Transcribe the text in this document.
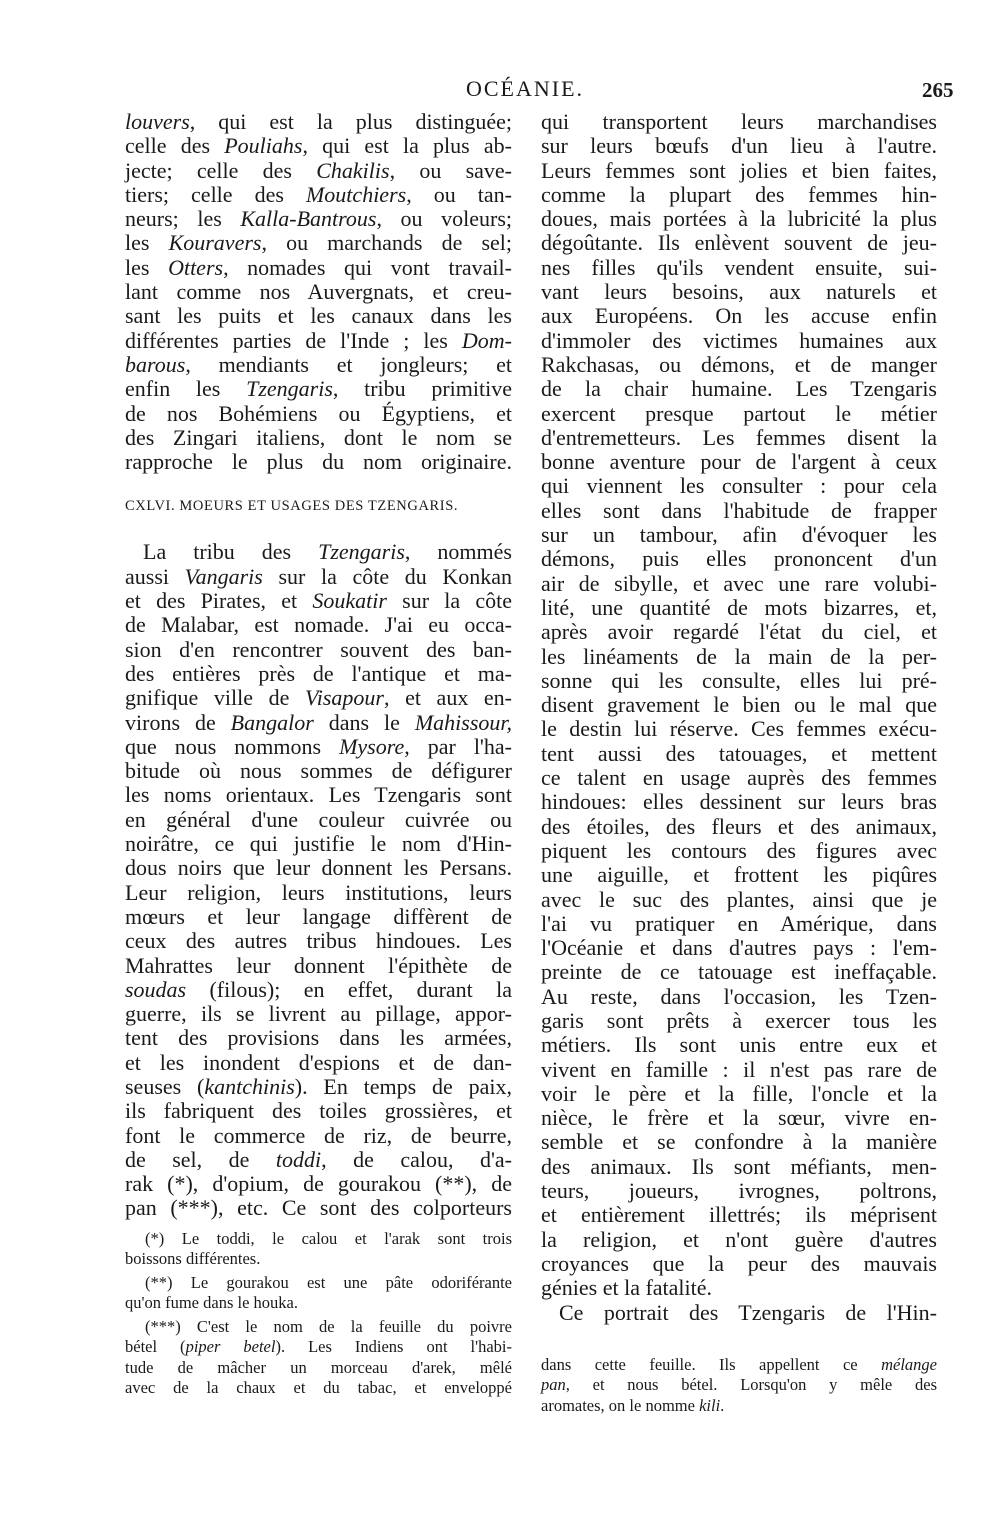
OCÉANIE.	265
louvers, qui est la plus distinguée;
celle des Pouliahs, qui est la plus ab-
jecte; celle des Chakilis, ou save-
tiers; celle des Moutchiers, ou tan-
neurs; les Kalla-Bantrous, ou voleurs;
les Kouravers, ou marchands de sel;
les Otters, nomades qui vont travail-
lant comme nos Auvergnats, et creu-
sant les puits et les canaux dans les
différentes parties de l'Inde ; les Dom-
barous, mendiants et jongleurs; et
enfin les Tzengaris, tribu primitive
de nos Bohémiens ou Égyptiens, et
des Zingari italiens, dont le nom se
rapproche le plus du nom originaire.
CXLVI. MOEURS ET USAGES DES TZENGARIS.
La tribu des Tzengaris, nommés
aussi Vangaris sur la côte du Konkan
et des Pirates, et Soukatir sur la côte
de Malabar, est nomade. J'ai eu occa-
sion d'en rencontrer souvent des ban-
des entières près de l'antique et ma-
gnifique ville de Visapour, et aux en-
virons de Bangalor dans le Mahissour,
que nous nommons Mysore, par l'ha-
bitude où nous sommes de défigurer
les noms orientaux. Les Tzengaris sont
en général d'une couleur cuivrée ou
noirâtre, ce qui justifie le nom d'Hin-
dous noirs que leur donnent les Persans.
Leur religion, leurs institutions, leurs
mœurs et leur langage diffèrent de
ceux des autres tribus hindoues. Les
Mahrattes leur donnent l'épithète de
soudas (filous); en effet, durant la
guerre, ils se livrent au pillage, appor-
tent des provisions dans les armées,
et les inondent d'espions et de dan-
seuses (kantchinis). En temps de paix,
ils fabriquent des toiles grossières, et
font le commerce de riz, de beurre,
de sel, de toddi, de calou, d'a-
rak (*), d'opium, de gourakou (**), de
pan (***), etc. Ce sont des colporteurs
(*) Le toddi, le calou et l'arak sont trois
boissons différentes.
(**) Le gourakou est une pâte odoriférante
qu'on fume dans le houka.
(***) C'est le nom de la feuille du poivre
bétel (piper betel). Les Indiens ont l'habi-
tude de mâcher un morceau d'arek, mêlé
avec de la chaux et du tabac, et enveloppé
qui transportent leurs marchandises
sur leurs bœufs d'un lieu à l'autre.
Leurs femmes sont jolies et bien faites,
comme la plupart des femmes hin-
doues, mais portées à la lubricité la plus
dégoûtante. Ils enlèvent souvent de jeu-
nes filles qu'ils vendent ensuite, sui-
vant leurs besoins, aux naturels et
aux Européens. On les accuse enfin
d'immoler des victimes humaines aux
Rakchasas, ou démons, et de manger
de la chair humaine. Les Tzengaris
exercent presque partout le métier
d'entremetteurs. Les femmes disent la
bonne aventure pour de l'argent à ceux
qui viennent les consulter : pour cela
elles sont dans l'habitude de frapper
sur un tambour, afin d'évoquer les
démons, puis elles prononcent d'un
air de sibylle, et avec une rare volubi-
lité, une quantité de mots bizarres, et,
après avoir regardé l'état du ciel, et
les linéaments de la main de la per-
sonne qui les consulte, elles lui pré-
disent gravement le bien ou le mal que
le destin lui réserve. Ces femmes exécu-
tent aussi des tatouages, et mettent
ce talent en usage auprès des femmes
hindoues: elles dessinent sur leurs bras
des étoiles, des fleurs et des animaux,
piquent les contours des figures avec
une aiguille, et frottent les piqûres
avec le suc des plantes, ainsi que je
l'ai vu pratiquer en Amérique, dans
l'Océanie et dans d'autres pays : l'em-
preinte de ce tatouage est ineffaçable.
Au reste, dans l'occasion, les Tzen-
garis sont prêts à exercer tous les
métiers. Ils sont unis entre eux et
vivent en famille : il n'est pas rare de
voir le père et la fille, l'oncle et la
nièce, le frère et la sœur, vivre en-
semble et se confondre à la manière
des animaux. Ils sont méfiants, men-
teurs, joueurs, ivrognes, poltrons,
et entièrement illettrés; ils méprisent
la religion, et n'ont guère d'autres
croyances que la peur des mauvais
génies et la fatalité.
Ce portrait des Tzengaris de l'Hin-
dans cette feuille. Ils appellent ce mélange
pan, et nous bétel. Lorsqu'on y mêle des
aromates, on le nomme kili.
